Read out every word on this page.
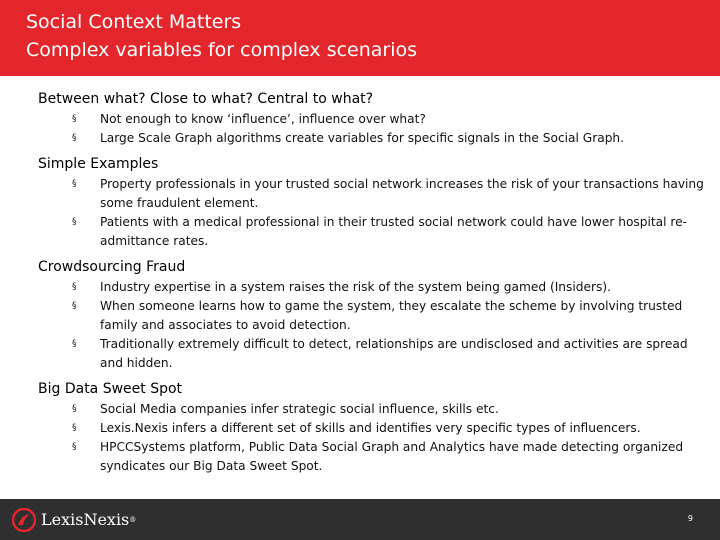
Social Context Matters
Complex variables for complex scenarios
Between what? Close to what? Central to what?
§ Not enough to know ‘influence’, influence over what?
§ Large Scale Graph algorithms create variables for specific signals in the Social Graph.
Simple Examples
§ Property professionals in your trusted social network increases the risk of your transactions having some fraudulent element.
§ Patients with a medical professional in their trusted social network could have lower hospital re-admittance rates.
Crowdsourcing Fraud
§ Industry expertise in a system raises the risk of the system being gamed (Insiders).
§ When someone learns how to game the system, they escalate the scheme by involving trusted family and associates to avoid detection.
§ Traditionally extremely difficult to detect, relationships are undisclosed and activities are spread and hidden.
Big Data Sweet Spot
§ Social Media companies infer strategic social influence, skills etc.
§ Lexis.Nexis infers a different set of skills and identifies very specific types of influencers.
§ HPCCSystems platform, Public Data Social Graph and Analytics have made detecting organized syndicates our Big Data Sweet Spot.
LexisNexis®	9
